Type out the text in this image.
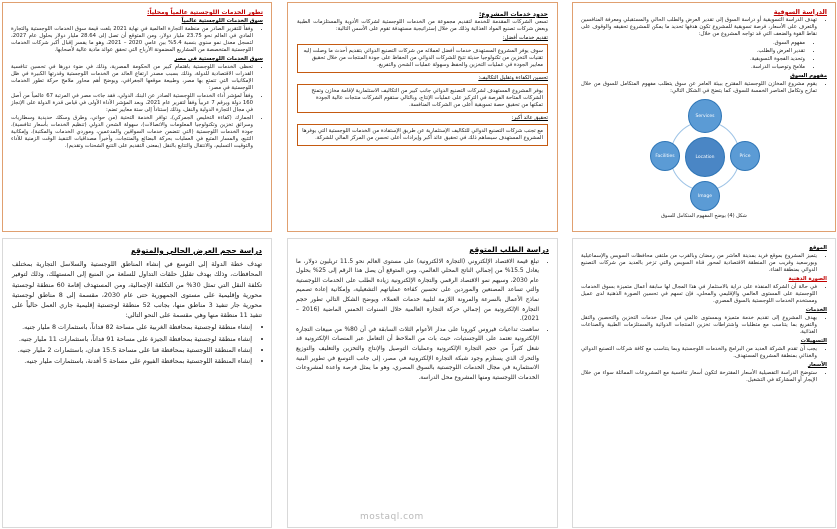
الدراسة السوقية
• تهدف الدراسة التسويقية أو دراسة السوق إلى تقدير العرض والطلب الحالي والمستقبلي ومعرفة المنافسين والتعرف على الأسعار، فرصة تسويقية للمشروع تكون هدفها تحديد ما يمكن للمشروع تحقيقه والوقوف على نقاط القوة والضعف التي قد تواجه المشروع من خلال:
• مفهوم السوق.
• تقدير العرض والطلب.
• وتحديد الفجوة التسويقية.
• ملامح وتوصيات الدراسة.
مفهوم السوق
• يقوم مشروع المخازن اللوجستية المقترح ببيئة العامر عن سوق يتطلب مفهوم المتكامل للسوق من خلال تمازج وتكامل العناصر الخمسة للسوق، كما يتضح في الشكل التالي:
Services
Location
Facilities	Price
Image
شكل (4) يوضح المفهوم المتكامل للسوق
حدود خدمات المشروع:

تسعى الشركات المقدمة للخدمة لتقديم مجموعة من الخدمات اللوجستية لشركات الأدوية والمستلزمات الطبية وبعض شركات تصنيع المواد الغذائية وذلك من خلال إستراتيجية مستهدفة تقوم على الأسس التالية:

تقديم خدمات أفضل:
سوف يوفر المشروع المستهدف خدمات أفضل لعملائه من شركات التصنيع الدوائي بتقديم أحدث ما وصلت إليه تقنيات التخزين من تكنولوجيا حديثة تتيح للشركات الدوائي من الحفاظ على جودة المنتجات من خلال تحقيق معايير الجودة في عمليات التخزين والحفظ وسهولة عمليات الشحن والتفريغ.
تحسين الكفاءة وتقليل التكاليف:
يوفر المشروع المستهدف لشركات التصنيع الدوائي جانب كبير من التكاليف الاستثمارية لإقامة مخازن وتمنح الشركات المتاحة الفرصة في التركيز على عمليات الإنتاج، وبالتالي ستقوم الشركات منتجات عالية الجودة تمكنها من تحقيق حصة تسويقية أعلى من الشركات المنافسة.
تحقيق عائد أكبر:
مع تجنب شركات التصنيع الدوائي للتكاليف الإستثمارية عن طريق الإستفادة من الخدمات اللوجستية التي يوفرها المشروع المستهدف سيساهم ذلك في تحقيق عائد أكبر وإيرادات أعلى تحسن من المركز المالي للشركة.
تطور الخدمات اللوجستية عالمياً ومحلياً:
سوق الخدمات اللوجستية عالمياً
• وفقاً للتقرير الصادر من منظمة التجارة العالمية في نهاية 2021 بلغت قيمة سوق الخدمات اللوجستية والتجارة المادي في العالم نحو 23.75 مليار دولار، ومن المتوقع أن تصل إلى 28.64 مليار دولار بحلول عام 2027، لتسجل معدل نمو سنوي بنسبة 5.4% بين عامي 2020 – 2021، وهو ما يفسر إقبال أكبر شركات الخدمات اللوجستية المتخصصة من المشاريع المضمونة الأرباح التي تحقق عوائد مادية عالية لأصحابها.
سوق الخدمات اللوجستية في مصر
• تحظى الخدمات اللوجستية باهتمام كبير من الحكومة المصرية، وذلك في ضوء دورها في تحسين تنافسية القدرات الاقتصادية للدولة، وذلك بسبب مصدر ارتفاع العائد من الخدمات اللوجستية وقدرتها الكبيرة في ظل الإمكانيات التي تتمتع بها مصر، وطبيعة موقعها الجغرافي، ويوضح أهم محاور ملامح حركة تطور الخدمات اللوجستية في مصر:
• وفقاً لمؤشر أداء الخدمات اللوجستية الصادر عن البنك الدولي، فقد جاءت مصر في المرتبة 67 عالمياً من أصل 160 دولة ويرقم 7 عربياً وفقاً لتقرير عام 2021، وبعد المؤشر الأداة الأولى في قياس قدرة الدولة على الإنجاز في مجال التجارة الدولية والنقل، وذلك إستناداً إلى ستة معايير تضم:
• الجمارك (كفاءة التخليص الجمركي)، توافر الخدمة التحتية (من حواني، وطرق وسكك حديدية وسطاريات وسرائق تخزين وتكنولوجيا المعلومات والاتصالات)، سهولة الشحن الدولي (تنظيم الخدمات بأسعار تنافسية)، جودة الخدمات اللوجستية (التي تتضمن خدمات السواقين والمدعمين، وموردي الخدمات والمكتبة)، وإمكانية التتبع، والمسار المتبع في العمليات بحركة البضائع والمنتجات، وأخيراً مصداقيات التنفيذ الوقت الزمنية للأداء والتوقيت التسليم، والانتقال والتتابع بالنقل (بمعنى التقديم على التتبع الشحنات وتقديم).
الموقع
• يتميز المشروع بموقع فريد بمدينة العاشر من رمضان وبالقرب من ملتقى محافظات السويس والإسماعيلية وبورسعيد وقريب من المنطقة الاقتصادية لمحور قناة السويس والتي تزخر بالعديد من شركات التصنيع الدوائي بمنطقة الفناء.
الصورة الذهنية
• في حالة أن الشركة المنفذة على دراية بالاستثمار في هذا المجال لها سابقة أعمال متميزة بسوق الخدمات اللوجستية على المستوى العالمي والإقليمي والمحلي، فإن تسهم في تحسين الصورة الذهنية لدى عميل ومستخدم الخدمات اللوجستية بالسوق المصري.
الخدمات
• يهدف المشروع إلى تقديم خدمة متميزة وبمستوى عالمي في مجال خدمات التخزين والتحصين والتقل والتفريغ بما يتناسب مع متطلبات واشتراطات تخزين المنتجات الدوائية والمستلزمات الطبية والصناعات الغذائية.
التسهيلات
• يجب أن تقدم الشركة العديد من البرامج والخدمات اللوجستية وبما يتناسب مع كافة شركات التصنيع الدوائي والغذائي بمنطقة المشروع المستهدف.
الأسعار
• ستوضح الدراسة التفصيلية الأسعار المقترحة لتكون أسعار تنافسية مع المشروعات المماثلة سواء من خلال الإيجار أو المشاركة في التشغيل.
دراسة الطلب المتوقع
• تبلغ قيمة الاقتصاد الإلكتروني (التجارة الالكترونية) على مستوى العالم نحو 11.5 تريليون دولار، ما يعادل 15.5% من إجمالي الناتج المحلي العالمي، ومن المتوقع أن يصل هذا الرقم إلى 25% بحلول عام 2030، وسيهم نمو الاقتصاد الرقمي والتجارة الإلكترونية زيادة الطلب على الخدمات اللوجستية والتي تساعد المصنعين والموردين على تحسين كفاءة عملياتهم التشغيلية، وإمكانية إعادة تصميم نماذج الأعمال بالسرعة والمرونة اللازمة لتلبية خدمات العملاء، ويوضح الشكل التالي تطور حجم التجارة الإلكترونية من إجمالي حركة التجارة العالمية خلال السنوات الخمس الماضية (2016 – 2021).
• ساهمت تداعيات فيروس كورونا على مدار الأعوام الثلاث السابقة في أن 80% من مبيعات التجارة الإلكترونية تعتمد على اللوجستيات، حيث بات من الملاحظ أن التعامل عبر المنصات الإلكترونية قد شغل كثيراً من حجم التجارة الإلكترونية وعمليات التوصيل والإنتاج والتخزين والتغليف والتوزيع والتحرك الذي يستلزم وجود شبكة التجارة الإلكترونية في مصر، إلى جانب التوسع في تطوير البنية الاستثمارية في مجال الخدمات اللوجستية بالسوق المصري، وهو ما يمثل فرصة واعدة لمشروعات الخدمات اللوجستية ومنها المشروع محل الدراسة.
دراسة حجم العرض الحالي والمتوقع

تهدف خطة الدولة إلى التوسع في إنشاء المناطق اللوجستية والسلاسل التجارية بمختلف المحافظات، وذلك بهدف تقليل حلقات التداول للسلعة من المنبع إلى المستهلك، وذلك لتوفير تكلفة النقل التي تمثل 30% من التكلفة الإجمالية، ومن المستهدف إقامة 60 منطقة لوجستية محورية وإقليمية على مستوى الجمهورية حتى عام 2030، مقسمة إلى 8 مناطق لوجستية محورية جار تنفيذ 3 مناطق منها، بجانب 52 منطقة لوجستية إقليمية جاري العمل حالياً على تنفيذ 11 منطقة منها وهي مقسمة على النحو التالي:

• إنشاء منطقة لوجستية بمحافظة الغربية على مساحة 82 فداناً، باستثمارات 8 مليار جنيه.
• إنشاء منطقة لوجستية بمحافظة الجيزة على مساحة 91 فداناً، باستثمارات 11 مليار جنيه.
• إنشاء المنطقة اللوجستية بمحافظة قنا على مساحة 15.5 فدان، باستثمارات 2 مليار جنيه.
• إنشاء المنطقة اللوجستية بمحافظة الفيوم على مساحة 5 أفدنة، باستثمارات مليار جنيه.
mostaql.com
